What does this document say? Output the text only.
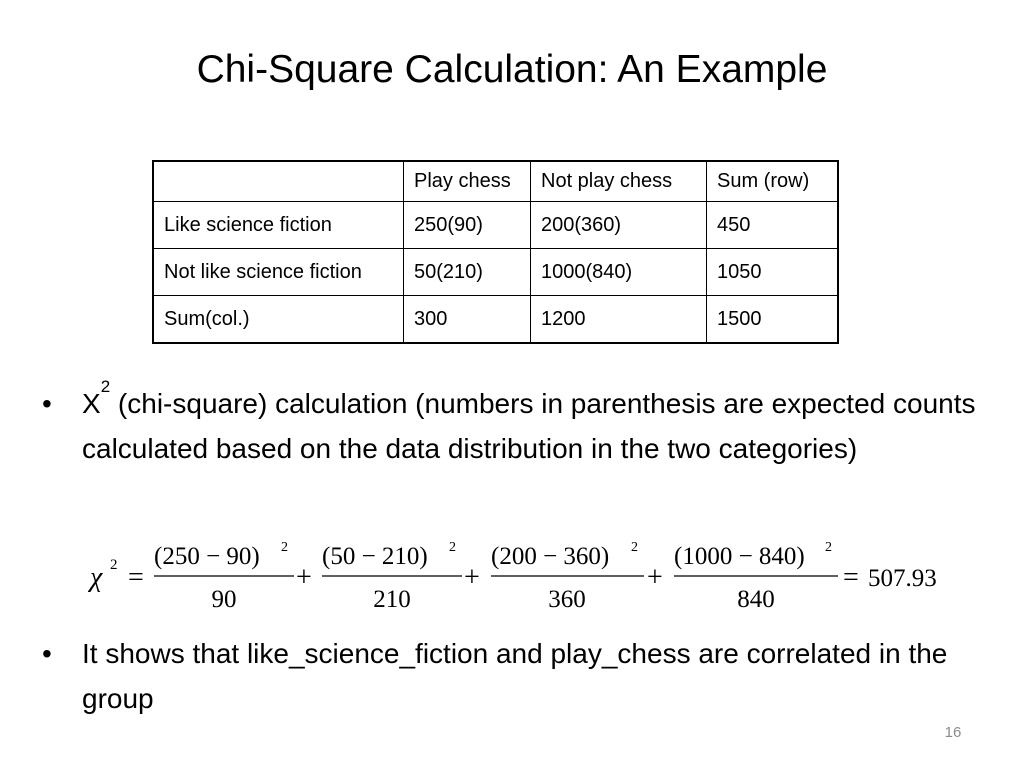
Chi-Square Calculation: An Example
	Play chess	Not play chess	Sum (row)
Like science fiction	250(90)	200(360)	450
Not like science fiction	50(210)	1000(840)	1050
Sum(col.)	300	1200	1500
• $X^2$ (chi-square) calculation (numbers in parenthesis are expected counts calculated based on the data distribution in the two categories)
χ 2 =
(250 − 90) 2
90
+
(50 − 210) 2
210
+
(200 − 360) 2
360
+
(1000 − 840) 2
840
= 507.93
• It shows that like_science_fiction and play_chess are correlated in the group
16
